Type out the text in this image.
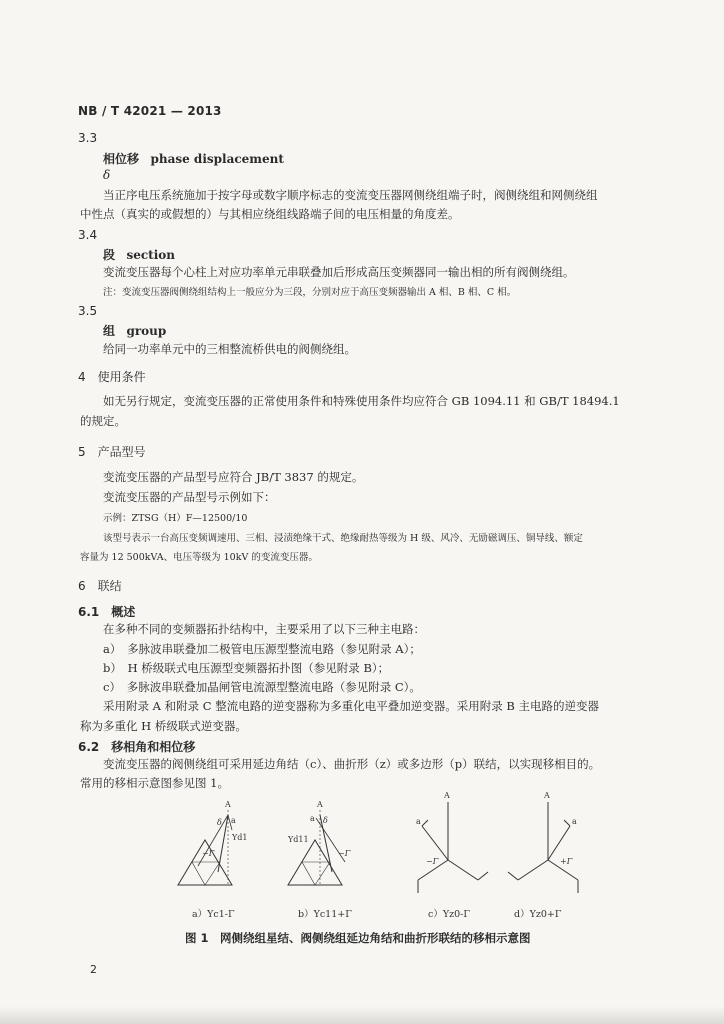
NB / T 42021 — 2013
3.3
相位移 phase displacement
δ
当正序电压系统施加于按字母或数字顺序标志的变流变压器网侧绕组端子时，阀侧绕组和网侧绕组
中性点（真实的或假想的）与其相应绕组线路端子间的电压相量的角度差。
3.4
段 section
变流变压器每个心柱上对应功率单元串联叠加后形成高压变频器同一输出相的所有阀侧绕组。
注：变流变压器阀侧绕组结构上一般应分为三段，分别对应于高压变频器输出 A 相、B 相、C 相。
3.5
组 group
给同一功率单元中的三相整流桥供电的阀侧绕组。
4　使用条件
如无另行规定，变流变压器的正常使用条件和特殊使用条件均应符合 GB 1094.11 和 GB/T 18494.1
的规定。
5　产品型号
变流变压器的产品型号应符合 JB/T 3837 的规定。
变流变压器的产品型号示例如下：
示例：ZTSG（H）F—12500/10
该型号表示一台高压变频调速用、三相、浸渍绝缘干式、绝缘耐热等级为 H 级、风冷、无励磁调压、铜导线、额定
容量为 12 500kVA、电压等级为 10kV 的变流变压器。
6　联结
6.1　概述
在多种不同的变频器拓扑结构中，主要采用了以下三种主电路：
a）　多脉波串联叠加二极管电压源型整流电路（参见附录 A）；
b）　H 桥级联式电压源型变频器拓扑图（参见附录 B）；
c）　多脉波串联叠加晶闸管电流源型整流电路（参见附录 C）。
采用附录 A 和附录 C 整流电路的逆变器称为多重化电平叠加逆变器。采用附录 B 主电路的逆变器
称为多重化 H 桥级联式逆变器。
6.2　移相角和相位移
变流变压器的阀侧绕组可采用延边角结（c）、曲折形（z）或多边形（p）联结，以实现移相目的。
常用的移相示意图参见图 1。
A
a
δ
Yd1
−Γ
A
a δ
Yd11
−Γ
A
a
−Γ
A
a
+Γ
a）Yc1-Γ	b）Yc11+Γ	c）Yz0-Γ	d）Yz0+Γ
图 1　网侧绕组星结、阀侧绕组延边角结和曲折形联结的移相示意图
2
